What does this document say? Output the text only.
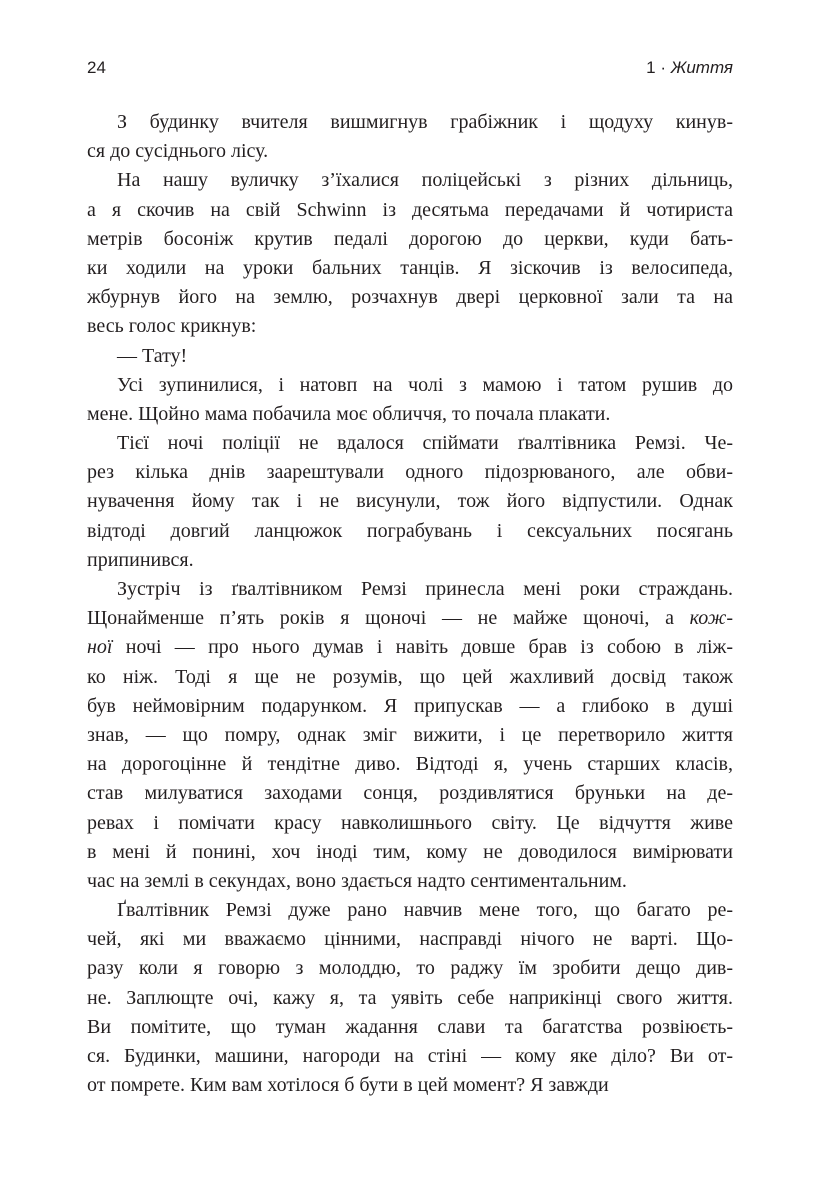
24	1 · Життя
З будинку вчителя вишмигнув грабіжник і щодуху кинув-
ся до сусіднього лісу.
На нашу вуличку з’їхалися поліцейські з різних дільниць,
а я скочив на свій Schwinn із десятьма передачами й чотириста
метрів босоніж крутив педалі дорогою до церкви, куди бать-
ки ходили на уроки бальних танців. Я зіскочив із велосипеда,
жбурнув його на землю, розчахнув двері церковної зали та на
весь голос крикнув:
— Тату!
Усі зупинилися, і натовп на чолі з мамою і татом рушив до
мене. Щойно мама побачила моє обличчя, то почала плакати.
Тієї ночі поліції не вдалося спіймати ґвалтівника Ремзі. Че-
рез кілька днів заарештували одного підозрюваного, але обви-
нувачення йому так і не висунули, тож його відпустили. Однак
відтоді довгий ланцюжок пограбувань і сексуальних посягань
припинився.
Зустріч із ґвалтівником Ремзі принесла мені роки страждань.
Щонайменше п’ять років я щоночі — не майже щоночі, а кож-
ної ночі — про нього думав і навіть довше брав із собою в ліж-
ко ніж. Тоді я ще не розумів, що цей жахливий досвід також
був неймовірним подарунком. Я припускав — а глибоко в душі
знав, — що помру, однак зміг вижити, і це перетворило життя
на дорогоцінне й тендітне диво. Відтоді я, учень старших класів,
став милуватися заходами сонця, роздивлятися бруньки на де-
ревах і помічати красу навколишнього світу. Це відчуття живе
в мені й понині, хоч іноді тим, кому не доводилося вимірювати
час на землі в секундах, воно здається надто сентиментальним.
Ґвалтівник Ремзі дуже рано навчив мене того, що багато ре-
чей, які ми вважаємо цінними, насправді нічого не варті. Що-
разу коли я говорю з молоддю, то раджу їм зробити дещо див-
не. Заплющте очі, кажу я, та уявіть себе наприкінці свого життя.
Ви помітите, що туман жадання слави та багатства розвіюєть-
ся. Будинки, машини, нагороди на стіні — кому яке діло? Ви от-
от помрете. Ким вам хотілося б бути в цей момент? Я завжди
